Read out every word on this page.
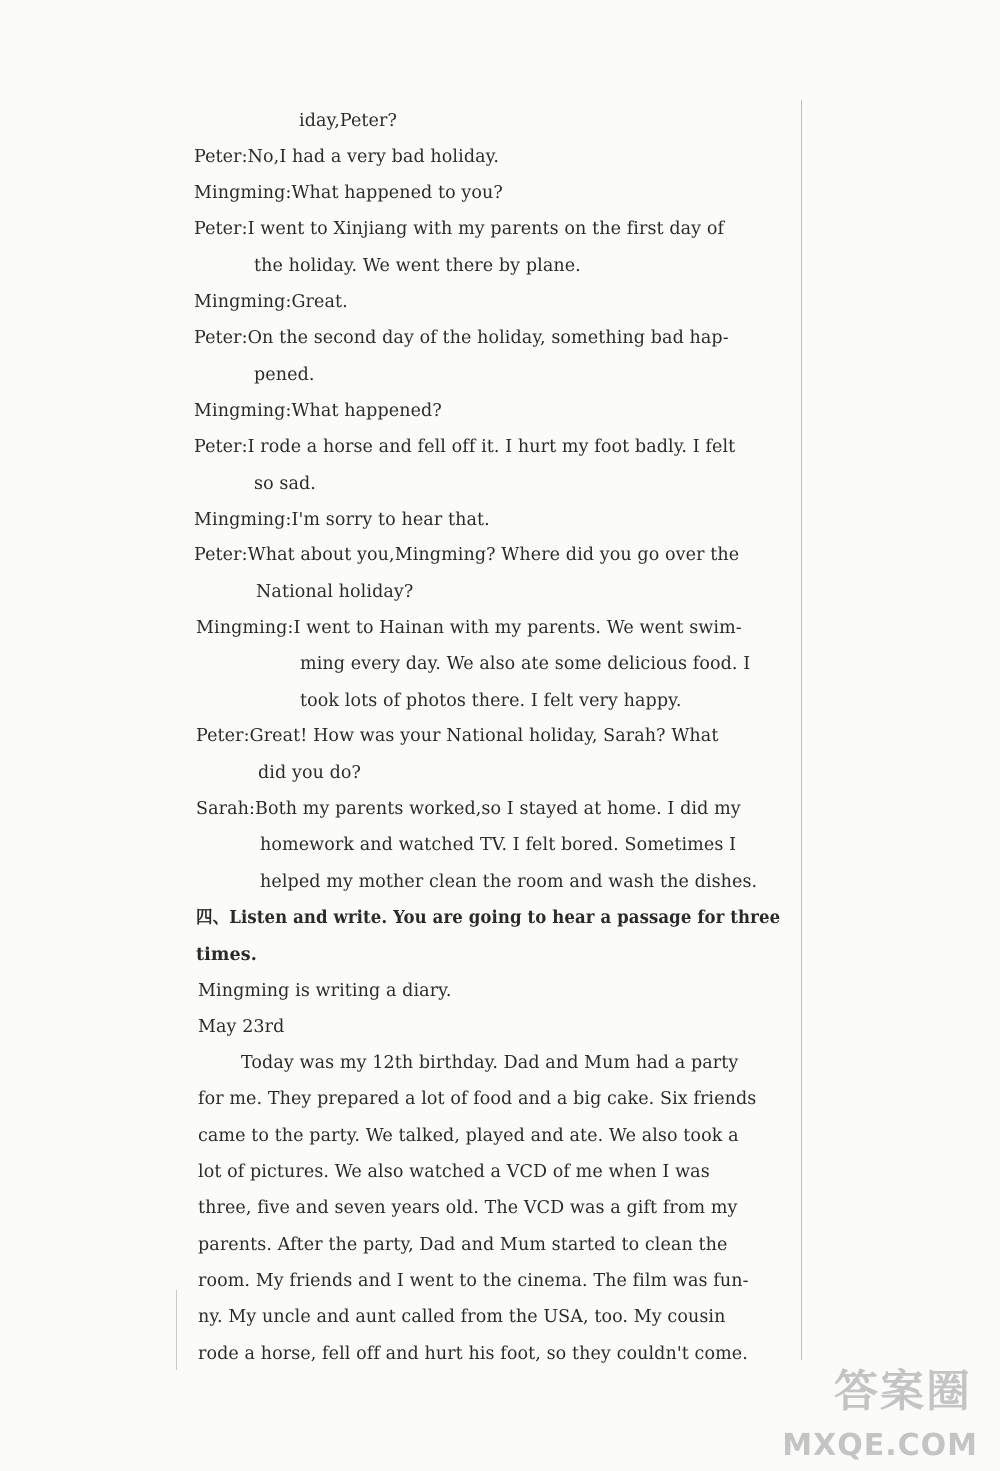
iday,Peter?
Peter:No,I had a very bad holiday.
Mingming:What happened to you?
Peter:I went to Xinjiang with my parents on the first day of
the holiday. We went there by plane.
Mingming:Great.
Peter:On the second day of the holiday, something bad hap-
pened.
Mingming:What happened?
Peter:I rode a horse and fell off it. I hurt my foot badly. I felt
so sad.
Mingming:I'm sorry to hear that.
Peter:What about you,Mingming? Where did you go over the
National holiday?
Mingming:I went to Hainan with my parents. We went swim-
ming every day. We also ate some delicious food. I
took lots of photos there. I felt very happy.
Peter:Great! How was your National holiday, Sarah? What
did you do?
Sarah:Both my parents worked,so I stayed at home. I did my
homework and watched TV. I felt bored. Sometimes I
helped my mother clean the room and wash the dishes.
四、Listen and write. You are going to hear a passage for three
times.
Mingming is writing a diary.
May 23rd
Today was my 12th birthday. Dad and Mum had a party
for me. They prepared a lot of food and a big cake. Six friends
came to the party. We talked, played and ate. We also took a
lot of pictures. We also watched a VCD of me when I was
three, five and seven years old. The VCD was a gift from my
parents. After the party, Dad and Mum started to clean the
room. My friends and I went to the cinema. The film was fun-
ny. My uncle and aunt called from the USA, too. My cousin
rode a horse, fell off and hurt his foot, so they couldn't come.
答案圈
MXQE.COM
